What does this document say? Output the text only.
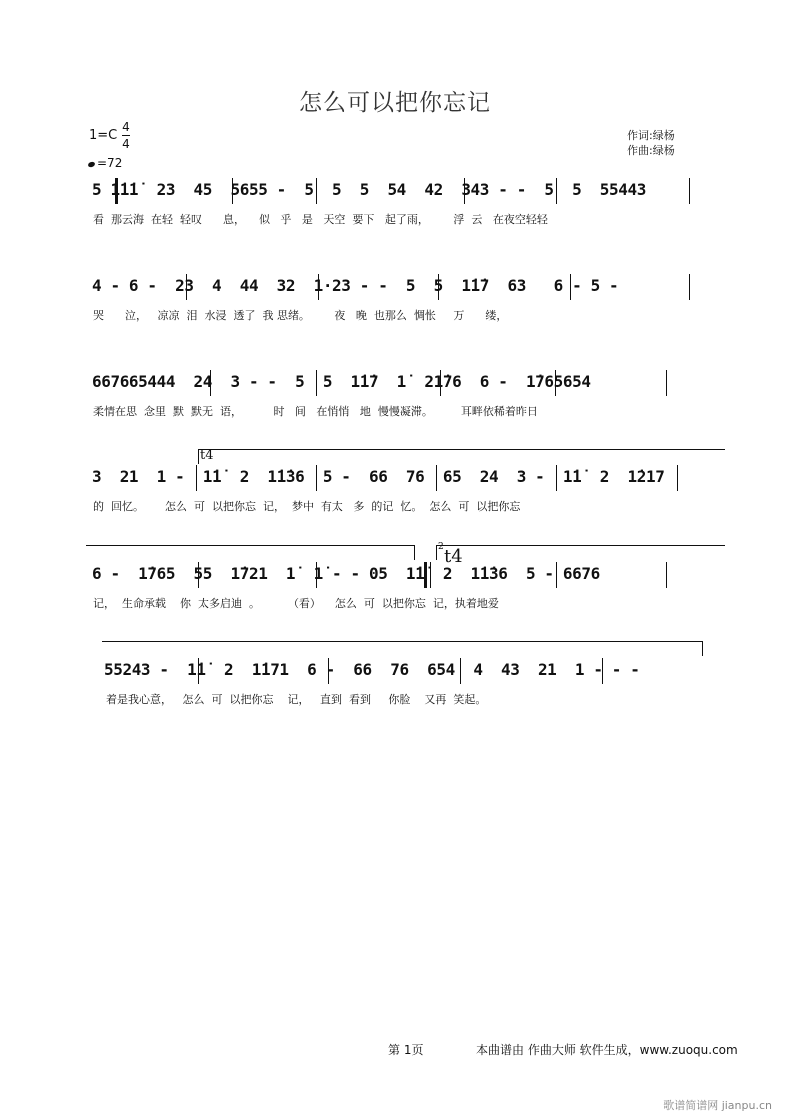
怎么可以把你忘记
1=C
4
4
=72
作词:绿杨
作曲:绿杨
5 1̇1̇1̇  23  45  5655 -  5  5  5  54  42  343 - -  5  5  55443
看  那云海  在轻  轻叹      息，    似   乎   是   天空  要下   起了雨，       浮  云   在夜空轻轻
4 - 6 -  23  4  44  32  1·23 - -  5  5  1̇1̇7  63   6 - 5 -
哭      泣，   凉凉  泪  水浸  透了  我 思绪。       夜   晚  也那么  惆怅     万      缕，
667665444  24  3 - -  5  5  1̇1̇7  1̇  21̇76  6 -  1̇765654
柔情在思  念里  默  默无  语，         时   间   在悄悄   地  慢慢凝滞。        耳畔依稀着昨日
t4
3  21  1 -  1̇1̇  2  1̇1̇36  5 -  66  76  65  24  3 -  1̇1̇  2  1̇217
的  回忆。      怎么  可  以把你忘  记，  梦中  有太   多  的记  忆。  怎么  可  以把你忘
2 t4
6 -  1̇765  55  1̇721  1̇  1̇ - - 05  1̇1̇  2  1̇1̇36  5 - 6676
记，  生命承载    你  太多启迪  。        （看）    怎么  可  以把你忘  记，执着地爱
55243 -  1̇1̇  2  1̇171  6 -  66  76  654  4  43  21  1 - - -
着是我心意，   怎么  可  以把你忘    记，   直到  看到     你脸    又再  笑起。
第 1页	本曲谱由 作曲大师 软件生成，www.zuoqu.com
歌谱简谱网 jianpu.cn
